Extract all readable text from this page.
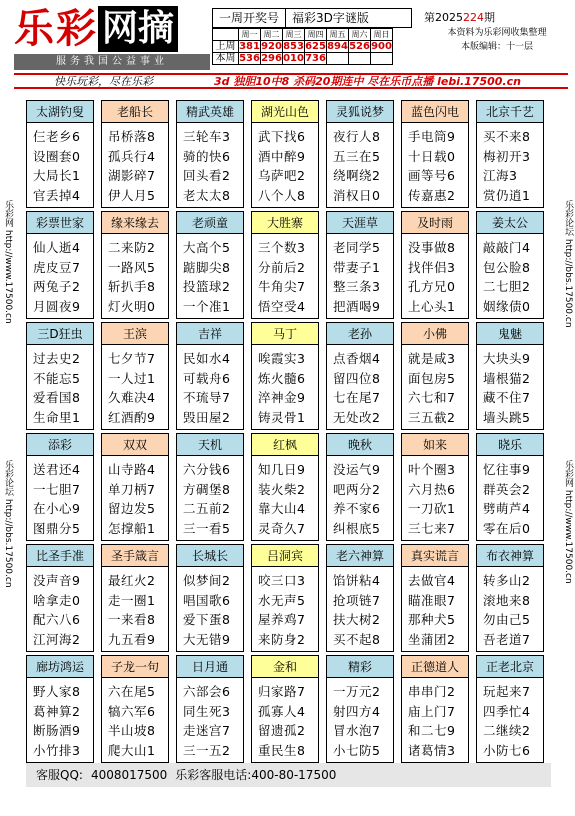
乐彩 网摘
服务我国公益事业
一周开奖号	福彩3D字谜版
	周一	周二	周三	周四	周五	周六	周日
上周	381	920	853	625	894	526	900
本周	536	296	010	736			
第2025224期
本资料为乐彩网收集整理
本版编辑：十一层
快乐玩彩，尽在乐彩	3d 独胆10中8 杀码20期连中 尽在乐币点播 lebi.17500.cn
乐彩网 http://www.17500.cn
乐彩论坛 http://bbs.17500.cn
乐彩论坛 http://bbs.17500.cn
乐彩网 http://www.17500.cn
太湖钓叟
仨老乡6
设圈套0
大局长1
官丢掉4
老船长
吊桥落8
孤兵行4
湖影碎7
伊人月5
精武英雄
三轮车3
骑的快6
回头看2
老太太8
湖光山色
武下找6
酒中醉9
乌萨吧2
八个人8
灵狐说梦
夜行人8
五三在5
绕啊绕2
消权日0
蓝色闪电
手电筒9
十日载0
画等号6
传嘉惠2
北京千艺
买不来8
梅初开3
江海3
赏仍逍1
彩票世家
仙人逝4
虎皮豆7
两兔子2
月圆夜9
缘来缘去
二来防2
一路风5
斩扒手8
灯火明0
老顽童
大高个5
踮脚尖8
投篮球2
一个准1
大胜寨
三个数3
分前后2
牛角尖7
悟空受4
天涯草
老同学5
带妻子1
整三条3
把酒喝9
及时雨
没事做8
找伴侣3
孔方兄0
上心头1
姜太公
敲敲门4
包公脸8
二七胆2
姻缘债0
三D狂虫
过去史2
不能忘5
爱看国8
生命里1
王滨
七夕节7
一人过1
久难决4
红酒酌9
吉祥
民如水4
可载舟6
不琉导7
毁田屋2
马丁
唉霞实3
炼火髓6
淬神金9
铸灵骨1
老孙
点香烟4
留四位8
七在尾7
无处改2
小佛
就是咸3
面包房5
六七和7
三五截2
鬼魅
大块头9
墙根猫2
藏不住7
墙头跳5
添彩
送君还4
一七胆7
在小心9
图鼎分5
双双
山寺路4
单刀柄7
留边发5
怎撑船1
天机
六分钱6
方碉堡8
二五前2
三一看5
红枫
知几日9
装火柴2
靠大山4
灵奇久7
晚秋
没运气9
吧两分2
养不家6
纠根底5
如来
叶个圈3
六月热6
一刀砍1
三七来7
晓乐
忆往事9
群英会2
劈萌芦4
零在后0
比圣手准
没声音9
啥拿走0
配六八6
江河海2
圣手箴言
最红火2
走一圈1
一来看8
九五看9
长城长
似梦间2
唱国歌6
爱下蛋8
大无错9
吕洞宾
咬三口3
水无声5
屋养鸡7
来防身2
老六神算
馅饼粘4
抢项链7
扶大树2
买不起8
真实谎言
去做官4
瞄准眼7
那种犬5
坐蒲团2
布衣神算
转多山2
滚地来8
勿由己5
吾老道7
廊坊鸿运
野人家8
葛神算2
断肠酒9
小竹排3
子龙一句
六在尾5
犒六军6
半山坡8
爬大山1
日月通
六部会6
同生死3
走迷宫7
三一五2
金和
归家路7
孤寡人4
留遗孤2
重民生8
精彩
一万元2
射四方4
冒水泡7
小七防5
正德道人
串串门2
庙上门7
和二七9
诸葛情3
正老北京
玩起来7
四季忙4
二继续2
小防七6
客服QQ: 4008017500 乐彩客服电话:400-80-17500
